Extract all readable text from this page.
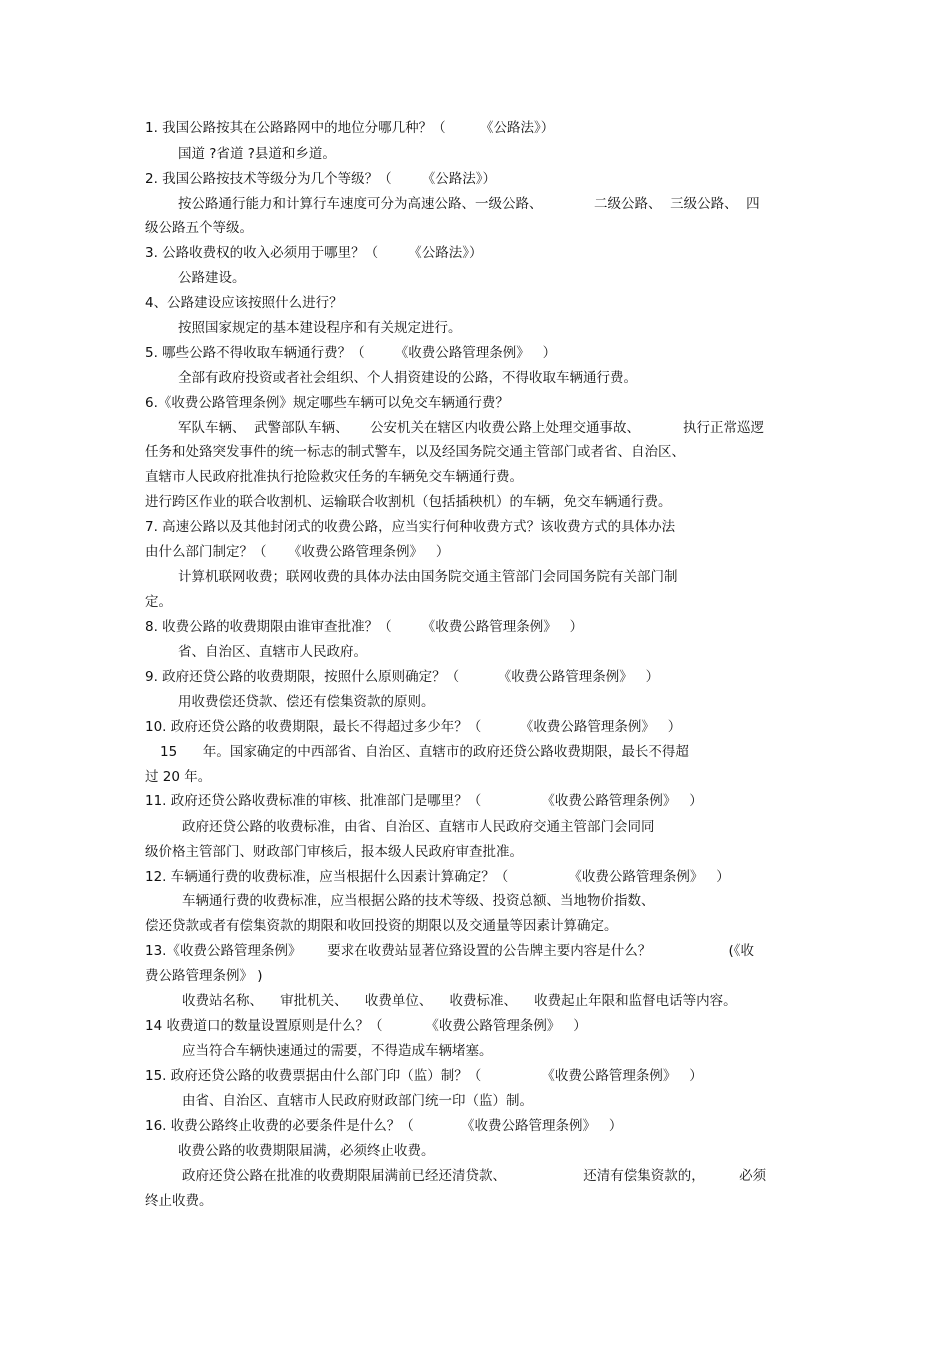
1. 我国公路按其在公路路网中的地位分哪几种？（        《公路法》）
国道 ?省道 ?县道和乡道。
2. 我国公路按技术等级分为几个等级？（       《公路法》）
按公路通行能力和计算行车速度可分为高速公路、一级公路、            二级公路、  三级公路、  四
级公路五个等级。
3. 公路收费权的收入必须用于哪里？（       《公路法》）
公路建设。
4、公路建设应该按照什么进行？
按照国家规定的基本建设程序和有关规定进行。
5. 哪些公路不得收取车辆通行费？（       《收费公路管理条例》   ）
全部有政府投资或者社会组织、个人捐资建设的公路，不得收取车辆通行费。
6.《收费公路管理条例》规定哪些车辆可以免交车辆通行费？
军队车辆、  武警部队车辆、     公安机关在辖区内收费公路上处理交通事故、          执行正常巡逻
任务和处臵突发事件的统一标志的制式警车，以及经国务院交通主管部门或者省、自治区、
直辖市人民政府批准执行抢险救灾任务的车辆免交车辆通行费。
进行跨区作业的联合收割机、运输联合收割机（包括插秧机）的车辆，免交车辆通行费。
7. 高速公路以及其他封闭式的收费公路，应当实行何种收费方式？该收费方式的具体办法
由什么部门制定？（     《收费公路管理条例》   ）
计算机联网收费；联网收费的具体办法由国务院交通主管部门会同国务院有关部门制
定。
8. 收费公路的收费期限由谁审查批准？（       《收费公路管理条例》   ）
省、自治区、直辖市人民政府。
9. 政府还贷公路的收费期限，按照什么原则确定？（         《收费公路管理条例》   ）
用收费偿还贷款、偿还有偿集资款的原则。
10. 政府还贷公路的收费期限，最长不得超过多少年？（         《收费公路管理条例》   ）
15      年。国家确定的中西部省、自治区、直辖市的政府还贷公路收费期限，最长不得超
过 20 年。
11. 政府还贷公路收费标准的审核、批准部门是哪里？（              《收费公路管理条例》   ）
政府还贷公路的收费标准，由省、自治区、直辖市人民政府交通主管部门会同同
级价格主管部门、财政部门审核后，报本级人民政府审查批准。
12. 车辆通行费的收费标准，应当根据什么因素计算确定？（              《收费公路管理条例》   ）
车辆通行费的收费标准，应当根据公路的技术等级、投资总额、当地物价指数、
偿还贷款或者有偿集资款的期限和收回投资的期限以及交通量等因素计算确定。
13.《收费公路管理条例》      要求在收费站显著位臵设置的公告牌主要内容是什么？                  (《收
费公路管理条例》 )
收费站名称、    审批机关、    收费单位、    收费标准、    收费起止年限和监督电话等内容。
14 收费道口的数量设置原则是什么？（          《收费公路管理条例》   ）
应当符合车辆快速通过的需要，不得造成车辆堵塞。
15. 政府还贷公路的收费票据由什么部门印（监）制？（              《收费公路管理条例》   ）
由省、自治区、直辖市人民政府财政部门统一印（监）制。
16. 收费公路终止收费的必要条件是什么？（           《收费公路管理条例》   ）
收费公路的收费期限届满，必须终止收费。
政府还贷公路在批准的收费期限届满前已经还清贷款、                  还清有偿集资款的，        必须
终止收费。
